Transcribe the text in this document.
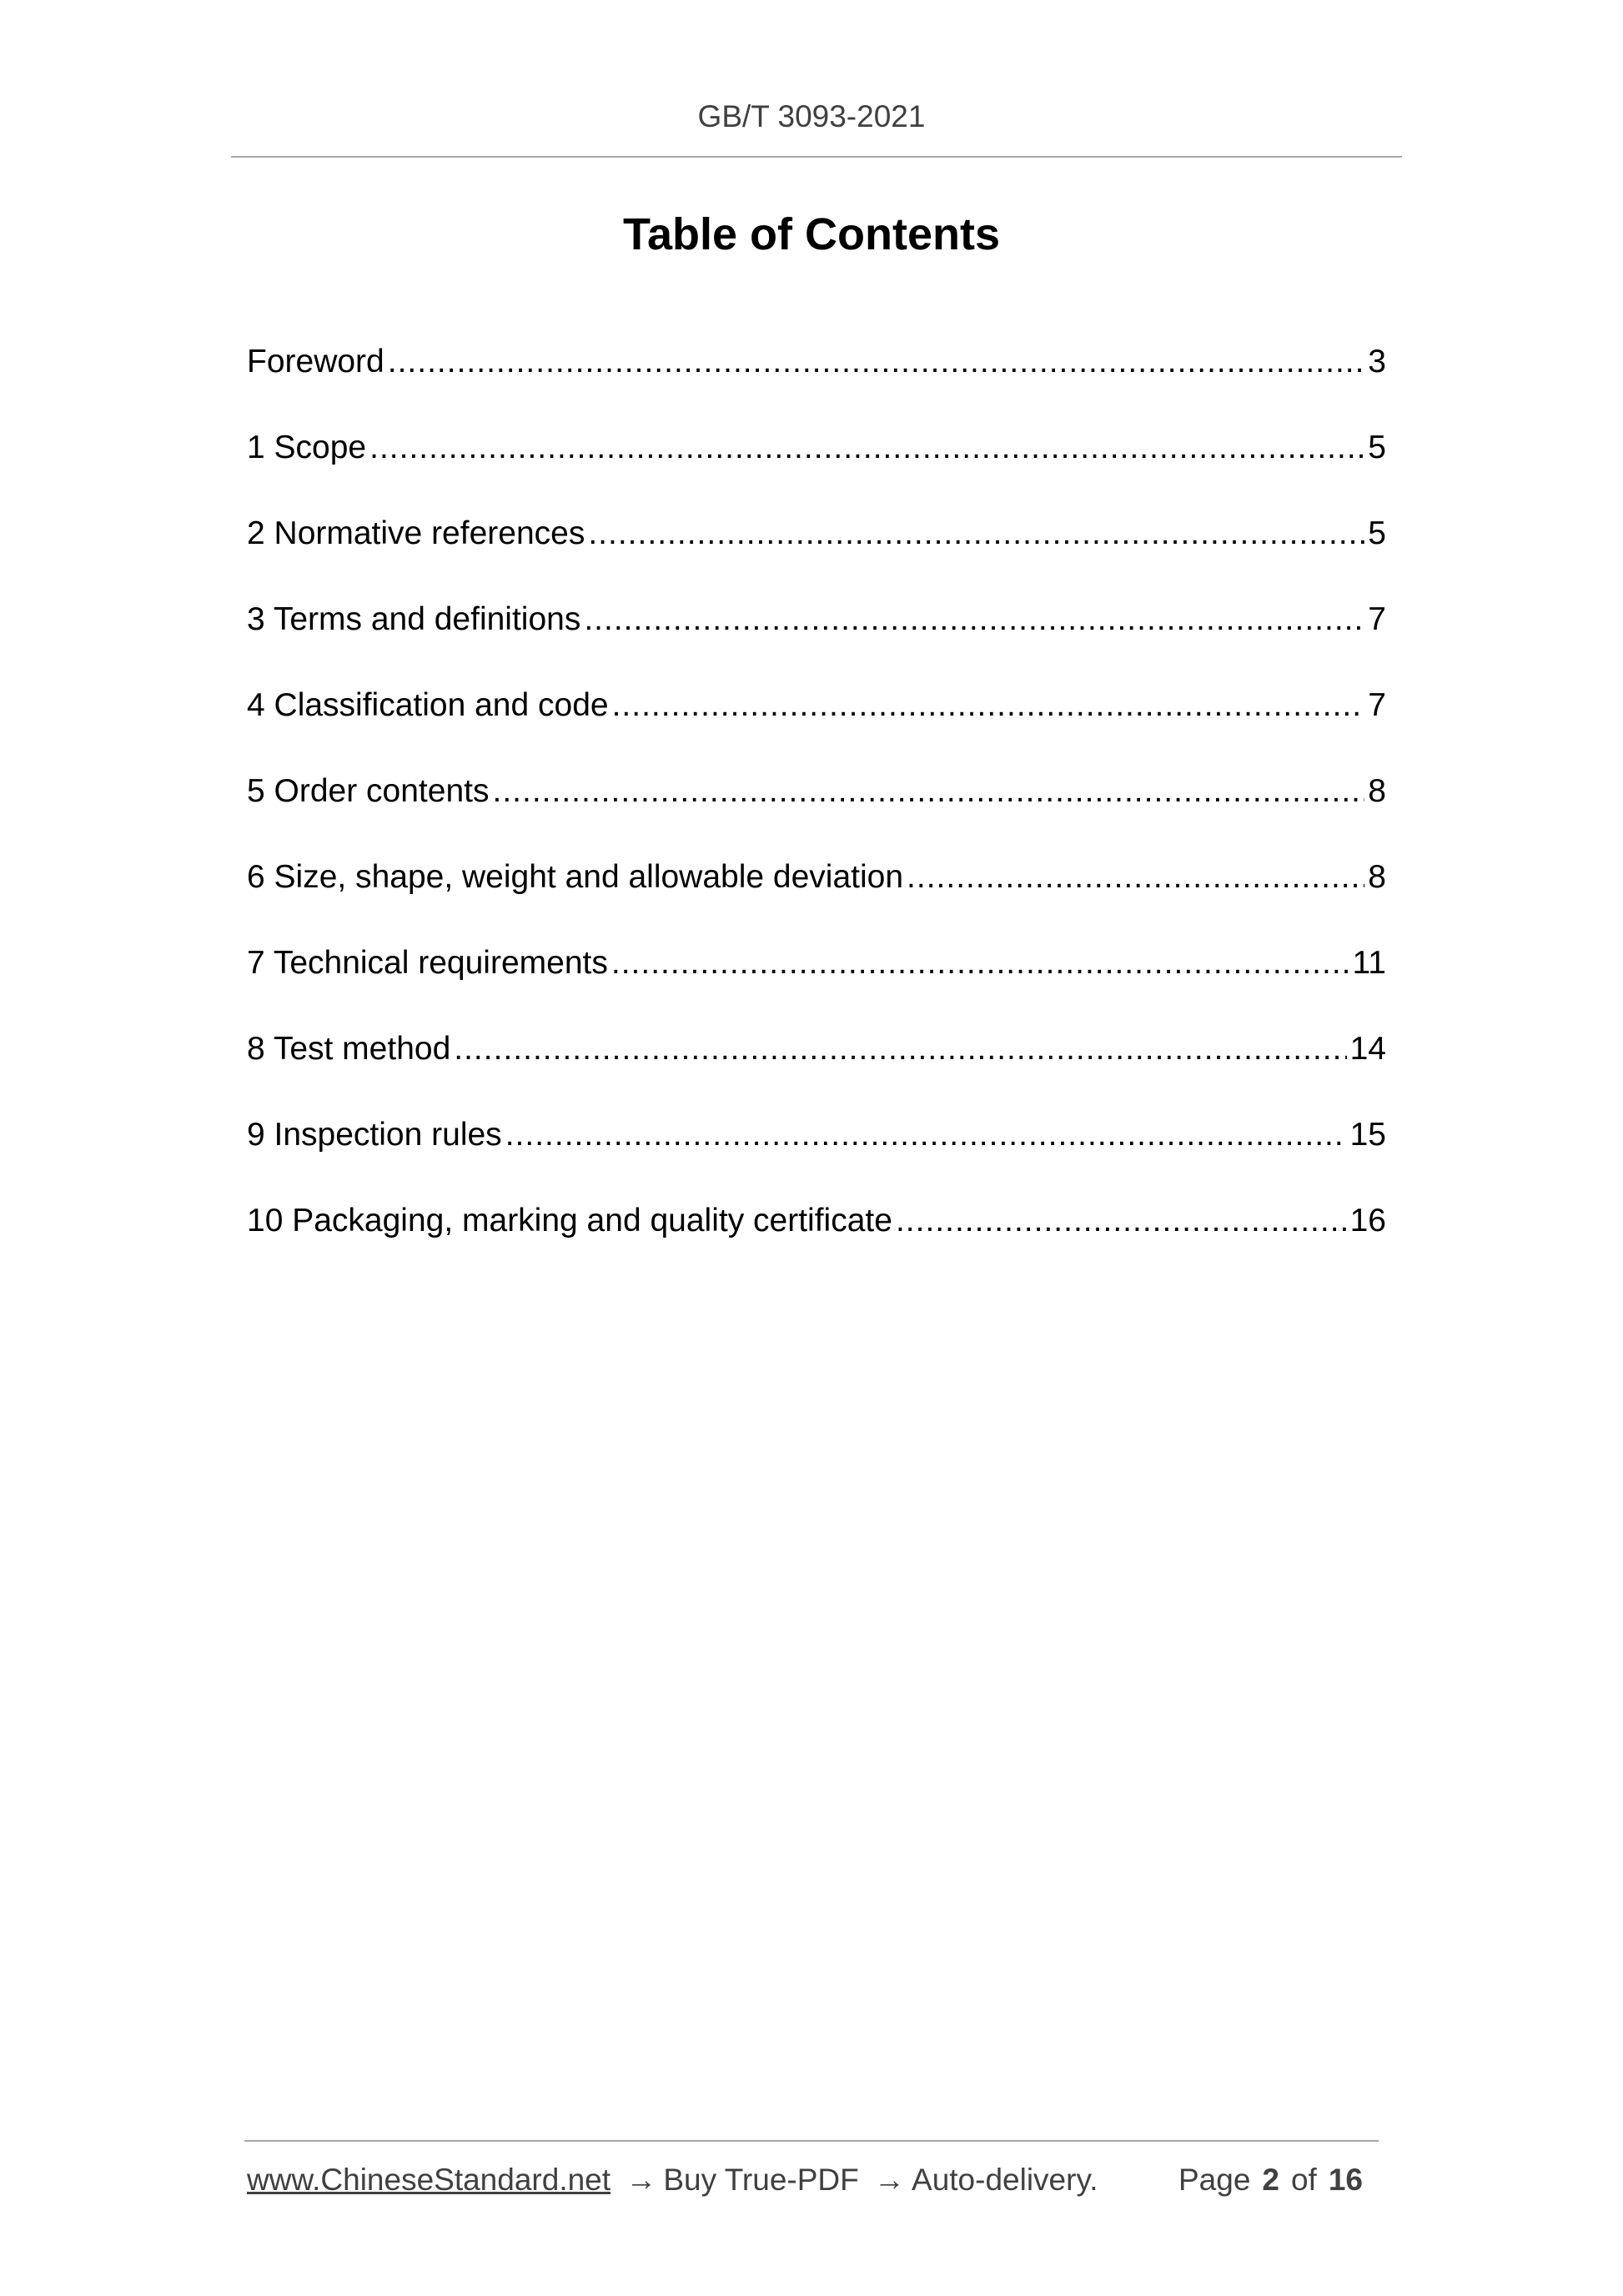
GB/T 3093-2021
Table of Contents
Foreword .....	3
1 Scope .....	5
2 Normative references .....	5
3 Terms and definitions .....	7
4 Classification and code .....	7
5 Order contents .....	8
6 Size, shape, weight and allowable deviation .....	8
7 Technical requirements .....	11
8 Test method .....	14
9 Inspection rules .....	15
10 Packaging, marking and quality certificate .....	16
www.ChineseStandard.net → Buy True-PDF → Auto-delivery.	Page 2 of 16
